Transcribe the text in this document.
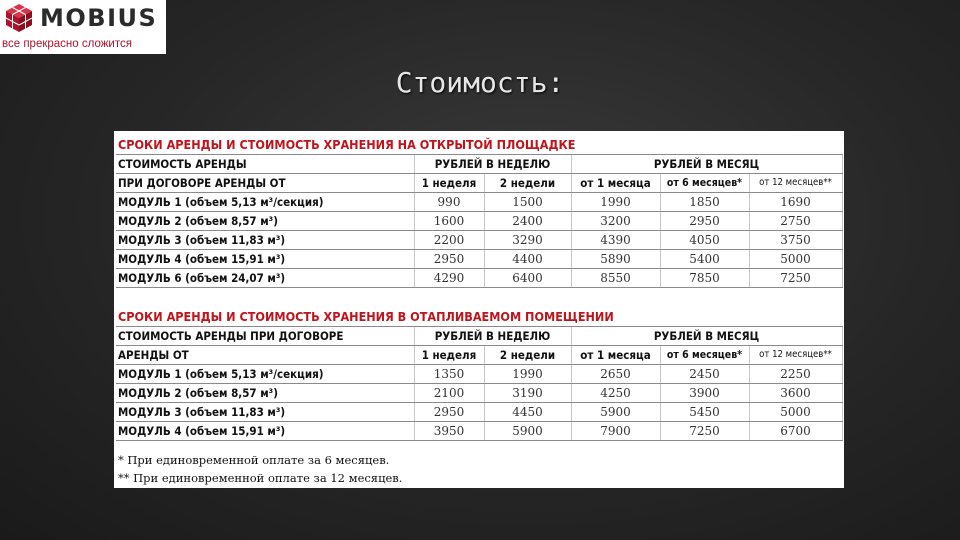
MOBIUS
все прекрасно сложится
Стоимость:
СРОКИ АРЕНДЫ И СТОИМОСТЬ ХРАНЕНИЯ НА ОТКРЫТОЙ ПЛОЩАДКЕ					
СТОИМОСТЬ АРЕНДЫ	РУБЛЕЙ В НЕДЕЛЮ		РУБЛЕЙ В МЕСЯЦ		
ПРИ ДОГОВОРЕ АРЕНДЫ ОТ	1 неделя	2 недели	от 1 месяца	от 6 месяцев*	от 12 месяцев**
МОДУЛЬ 1 (объем 5,13 м³/секция)	990	1500	1990	1850	1690
МОДУЛЬ 2 (объем 8,57 м³)	1600	2400	3200	2950	2750
МОДУЛЬ 3 (объем 11,83 м³)	2200	3290	4390	4050	3750
МОДУЛЬ 4 (объем 15,91 м³)	2950	4400	5890	5400	5000
МОДУЛЬ 6 (объем 24,07 м³)	4290	6400	8550	7850	7250
СРОКИ АРЕНДЫ И СТОИМОСТЬ ХРАНЕНИЯ В ОТАПЛИВАЕМОМ ПОМЕЩЕНИИ					
СТОИМОСТЬ АРЕНДЫ ПРИ ДОГОВОРЕ	РУБЛЕЙ В НЕДЕЛЮ		РУБЛЕЙ В МЕСЯЦ		
АРЕНДЫ ОТ	1 неделя	2 недели	от 1 месяца	от 6 месяцев*	от 12 месяцев**
МОДУЛЬ 1 (объем 5,13 м³/секция)	1350	1990	2650	2450	2250
МОДУЛЬ 2 (объем 8,57 м³)	2100	3190	4250	3900	3600
МОДУЛЬ 3 (объем 11,83 м³)	2950	4450	5900	5450	5000
МОДУЛЬ 4 (объем 15,91 м³)	3950	5900	7900	7250	6700
* При единовременной оплате за 6 месяцев.
** При единовременной оплате за 12 месяцев.
